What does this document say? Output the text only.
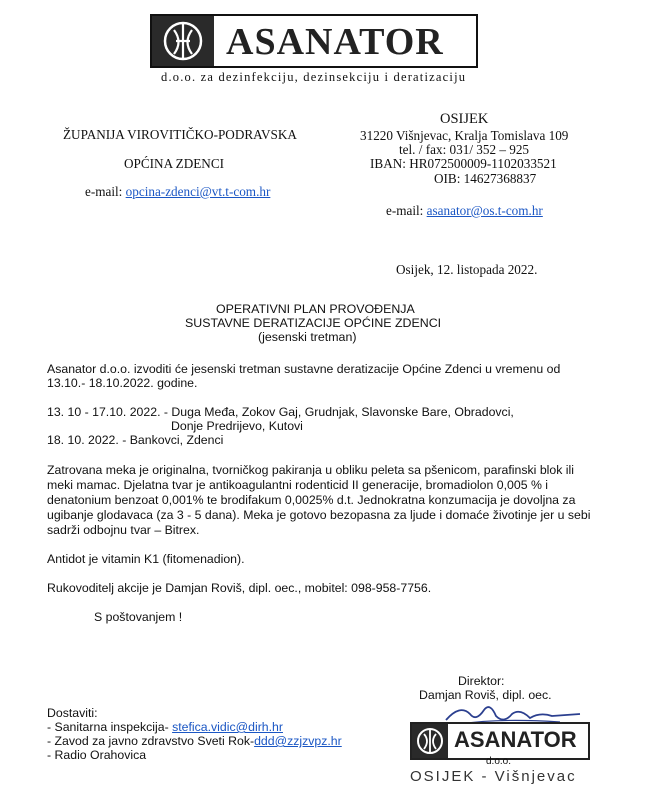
ASANATOR
d.o.o. za dezinfekciju, dezinsekciju i deratizaciju
ŽUPANIJA VIROVITIČKO-PODRAVSKA
OPĆINA ZDENCI
e-mail: opcina-zdenci@vt.t-com.hr
OSIJEK
31220 Višnjevac, Kralja Tomislava 109
tel. / fax: 031/ 352 – 925
IBAN: HR072500009-1102033521
OIB: 14627368837
e-mail: asanator@os.t-com.hr
Osijek, 12. listopada 2022.
OPERATIVNI PLAN PROVOĐENJA
SUSTAVNE DERATIZACIJE OPĆINE ZDENCI
(jesenski tretman)
Asanator d.o.o. izvoditi će jesenski tretman sustavne deratizacije Općine Zdenci u vremenu od
13.10.- 18.10.2022. godine.
13. 10 - 17.10. 2022. - Duga Međa, Zokov Gaj, Grudnjak, Slavonske Bare, Obradovci,
Donje Predrijevo, Kutovi
18. 10. 2022. - Bankovci, Zdenci
Zatrovana meka je originalna, tvorničkog pakiranja u obliku peleta sa pšenicom, parafinski blok ili
meki mamac. Djelatna tvar je antikoagulantni rodenticid II generacije, bromadiolon 0,005 % i
denatonium benzoat 0,001% te brodifakum 0,0025% d.t. Jednokratna konzumacija je dovoljna za
ugibanje glodavaca (za 3 - 5 dana). Meka je gotovo bezopasna za ljude i domaće životinje jer u sebi
sadrži odbojnu tvar – Bitrex.
Antidot je vitamin K1 (fitomenadion).
Rukovoditelj akcije je Damjan Roviš, dipl. oec., mobitel: 098-958-7756.
S poštovanjem !
Direktor:
Damjan Roviš, dipl. oec.
ASANATOR
d.o.o.
OSIJEK - Višnjevac
Dostaviti:
- Sanitarna inspekcija- stefica.vidic@dirh.hr
- Zavod za javno zdravstvo Sveti Rok-ddd@zzjzvpz.hr
- Radio Orahovica
